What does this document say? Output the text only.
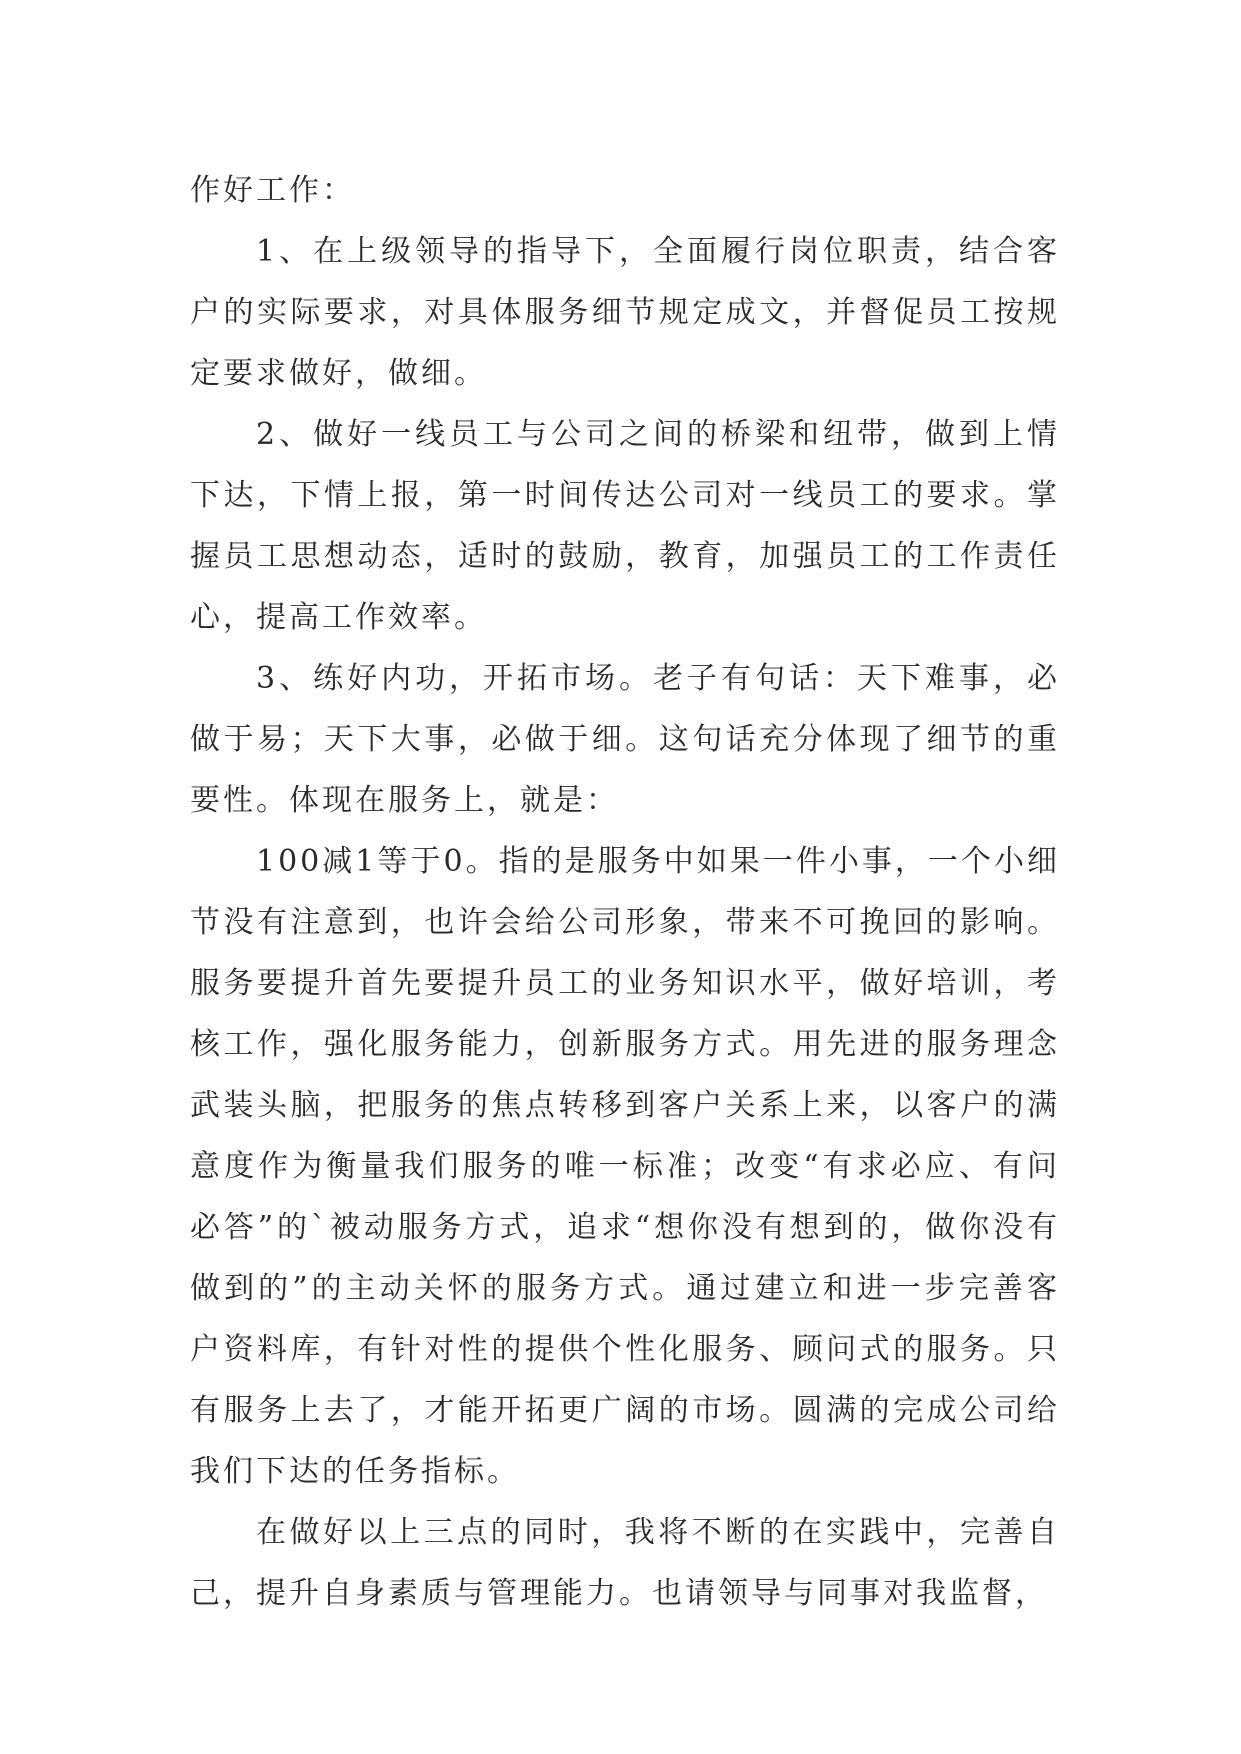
作好工作：

1、在上级领导的指导下，全面履行岗位职责，结合客户的实际要求，对具体服务细节规定成文，并督促员工按规定要求做好，做细。

2、做好一线员工与公司之间的桥梁和纽带，做到上情下达，下情上报，第一时间传达公司对一线员工的要求。掌握员工思想动态，适时的鼓励，教育，加强员工的工作责任心，提高工作效率。

3、练好内功，开拓市场。老子有句话：天下难事，必做于易；天下大事，必做于细。这句话充分体现了细节的重要性。体现在服务上，就是：

100减1等于0。指的是服务中如果一件小事，一个小细节没有注意到，也许会给公司形象，带来不可挽回的影响。服务要提升首先要提升员工的业务知识水平，做好培训，考核工作，强化服务能力，创新服务方式。用先进的服务理念武装头脑，把服务的焦点转移到客户关系上来，以客户的满意度作为衡量我们服务的唯一标准；改变“有求必应、有问必答”的`被动服务方式，追求“想你没有想到的，做你没有做到的”的主动关怀的服务方式。通过建立和进一步完善客户资料库，有针对性的提供个性化服务、顾问式的服务。只有服务上去了，才能开拓更广阔的市场。圆满的完成公司给我们下达的任务指标。

在做好以上三点的同时，我将不断的在实践中，完善自己，提升自身素质与管理能力。也请领导与同事对我监督，
